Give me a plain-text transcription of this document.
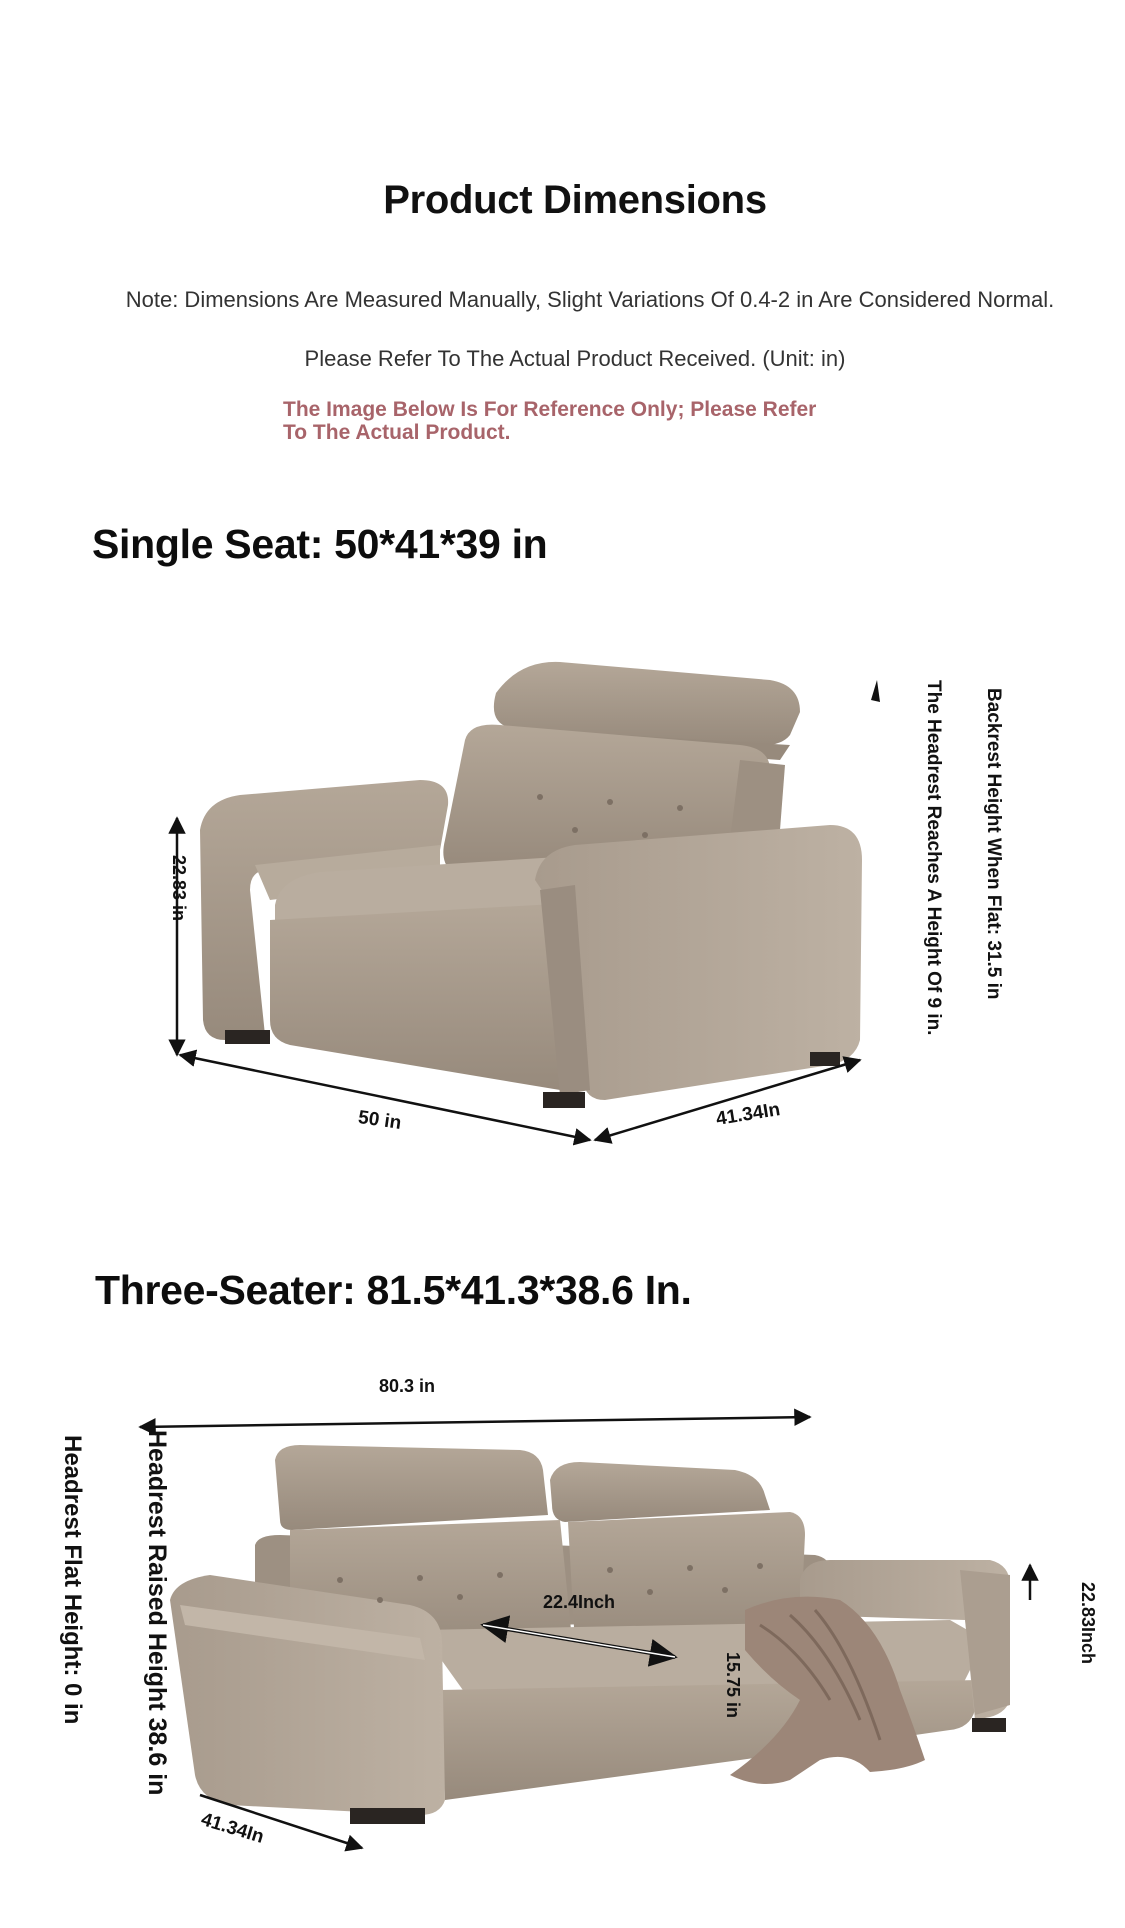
Product Dimensions
Note: Dimensions Are Measured Manually, Slight Variations Of 0.4-2 in Are Considered Normal.
Please Refer To The Actual Product Received. (Unit: in)
The Image Below Is For Reference Only; Please Refer
To The Actual Product.
Single Seat: 50*41*39 in
22.83 in
50 in	41.34In
The Headrest Reaches A Height Of 9 in. Backrest Height When Flat: 31.5 in
Three-Seater: 81.5*41.3*38.6 In.
80.3 in
22.4Inch
15.75 in
22.83Inch
41.34In
Headrest Raised Height 38.6 in
Headrest Flat Height: 0 in
